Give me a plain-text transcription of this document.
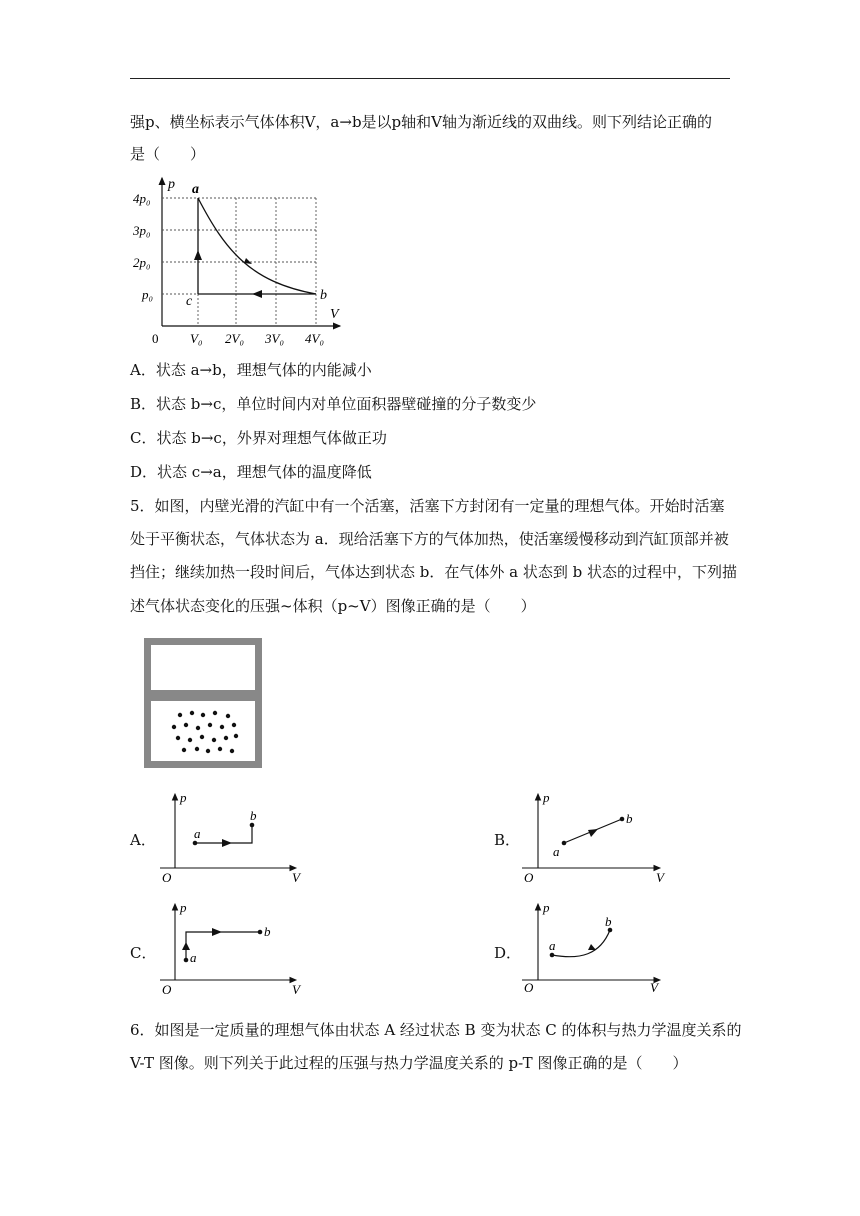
强p、横坐标表示气体体积V，a→b是以p轴和V轴为渐近线的双曲线。则下列结论正确的
是（　　）
p
V
0
4p₀
3p₀
2p₀
p₀
V₀ 2V₀ 3V₀ 4V₀
a
b
c
A．状态 a→b，理想气体的内能减小
B．状态 b→c，单位时间内对单位面积器壁碰撞的分子数变少
C．状态 b→c，外界对理想气体做正功
D．状态 c→a，理想气体的温度降低
5．如图，内壁光滑的汽缸中有一个活塞，活塞下方封闭有一定量的理想气体。开始时活塞
处于平衡状态，气体状态为 a．现给活塞下方的气体加热，使活塞缓慢移动到汽缸顶部并被
挡住；继续加热一段时间后，气体达到状态 b．在气体外 a 状态到 b 状态的过程中，下列描
述气体状态变化的压强~体积（p~V）图像正确的是（　　）
A．	B．
C．	D．
p
V
O
a
b
p
V
O
a
b
p
V
O
a
b
p
V
O
a
b
6．如图是一定质量的理想气体由状态 A 经过状态 B 变为状态 C 的体积与热力学温度关系的
V-T 图像。则下列关于此过程的压强与热力学温度关系的 p-T 图像正确的是（　　）
